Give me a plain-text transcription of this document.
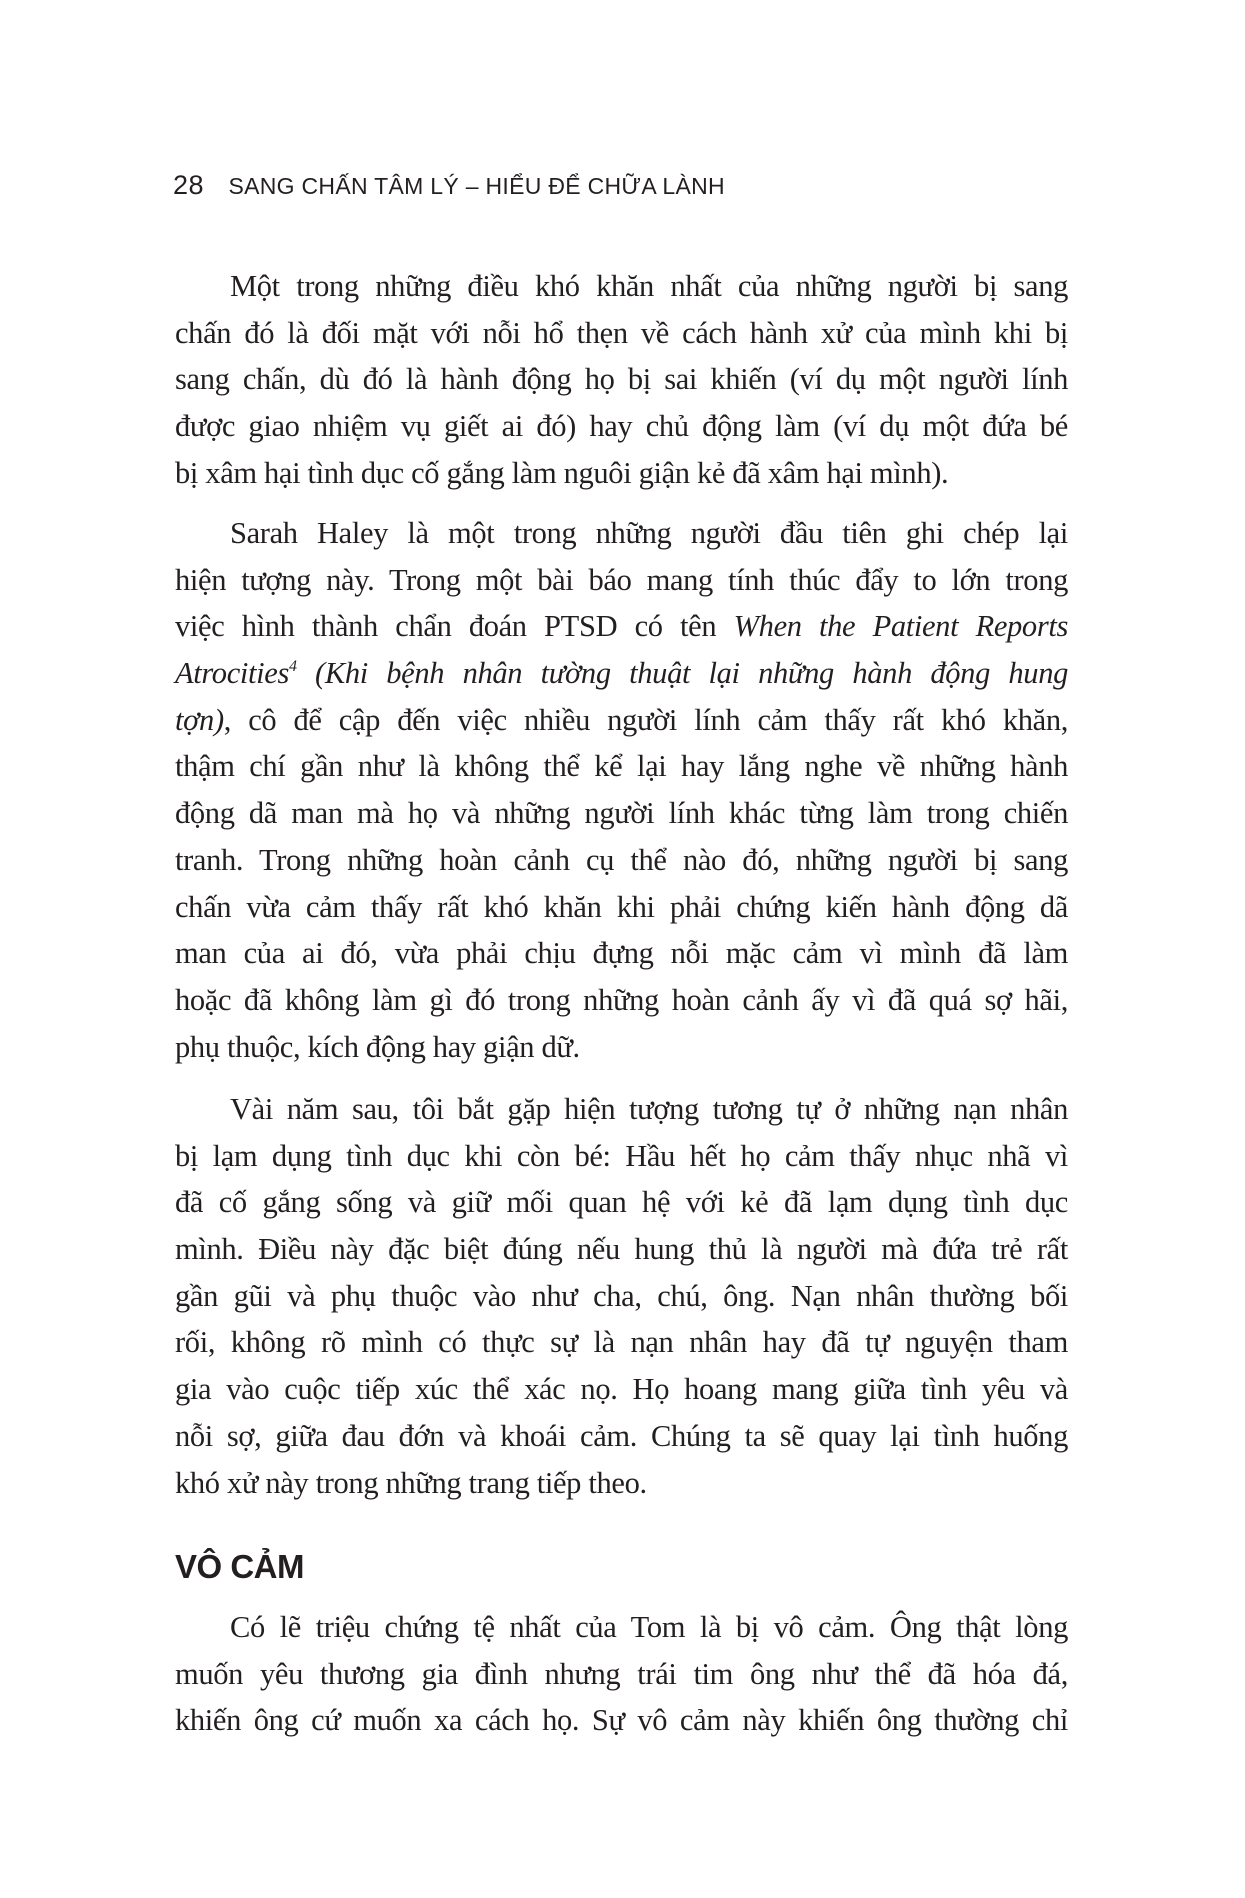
28 SANG CHẤN TÂM LÝ – HIỂU ĐỂ CHỮA LÀNH
Một trong những điều khó khăn nhất của những người bị sang
chấn đó là đối mặt với nỗi hổ thẹn về cách hành xử của mình khi bị
sang chấn, dù đó là hành động họ bị sai khiến (ví dụ một người lính
được giao nhiệm vụ giết ai đó) hay chủ động làm (ví dụ một đứa bé
bị xâm hại tình dục cố gắng làm nguôi giận kẻ đã xâm hại mình).
Sarah Haley là một trong những người đầu tiên ghi chép lại
hiện tượng này. Trong một bài báo mang tính thúc đẩy to lớn trong
việc hình thành chẩn đoán PTSD có tên When the Patient Reports
Atrocities$^4$ (Khi bệnh nhân tường thuật lại những hành động hung
tợn), cô để cập đến việc nhiều người lính cảm thấy rất khó khăn,
thậm chí gần như là không thể kể lại hay lắng nghe về những hành
động dã man mà họ và những người lính khác từng làm trong chiến
tranh. Trong những hoàn cảnh cụ thể nào đó, những người bị sang
chấn vừa cảm thấy rất khó khăn khi phải chứng kiến hành động dã
man của ai đó, vừa phải chịu đựng nỗi mặc cảm vì mình đã làm
hoặc đã không làm gì đó trong những hoàn cảnh ấy vì đã quá sợ hãi,
phụ thuộc, kích động hay giận dữ.
Vài năm sau, tôi bắt gặp hiện tượng tương tự ở những nạn nhân
bị lạm dụng tình dục khi còn bé: Hầu hết họ cảm thấy nhục nhã vì
đã cố gắng sống và giữ mối quan hệ với kẻ đã lạm dụng tình dục
mình. Điều này đặc biệt đúng nếu hung thủ là người mà đứa trẻ rất
gần gũi và phụ thuộc vào như cha, chú, ông. Nạn nhân thường bối
rối, không rõ mình có thực sự là nạn nhân hay đã tự nguyện tham
gia vào cuộc tiếp xúc thể xác nọ. Họ hoang mang giữa tình yêu và
nỗi sợ, giữa đau đớn và khoái cảm. Chúng ta sẽ quay lại tình huống
khó xử này trong những trang tiếp theo.
VÔ CẢM
Có lẽ triệu chứng tệ nhất của Tom là bị vô cảm. Ông thật lòng
muốn yêu thương gia đình nhưng trái tim ông như thể đã hóa đá,
khiến ông cứ muốn xa cách họ. Sự vô cảm này khiến ông thường chỉ
